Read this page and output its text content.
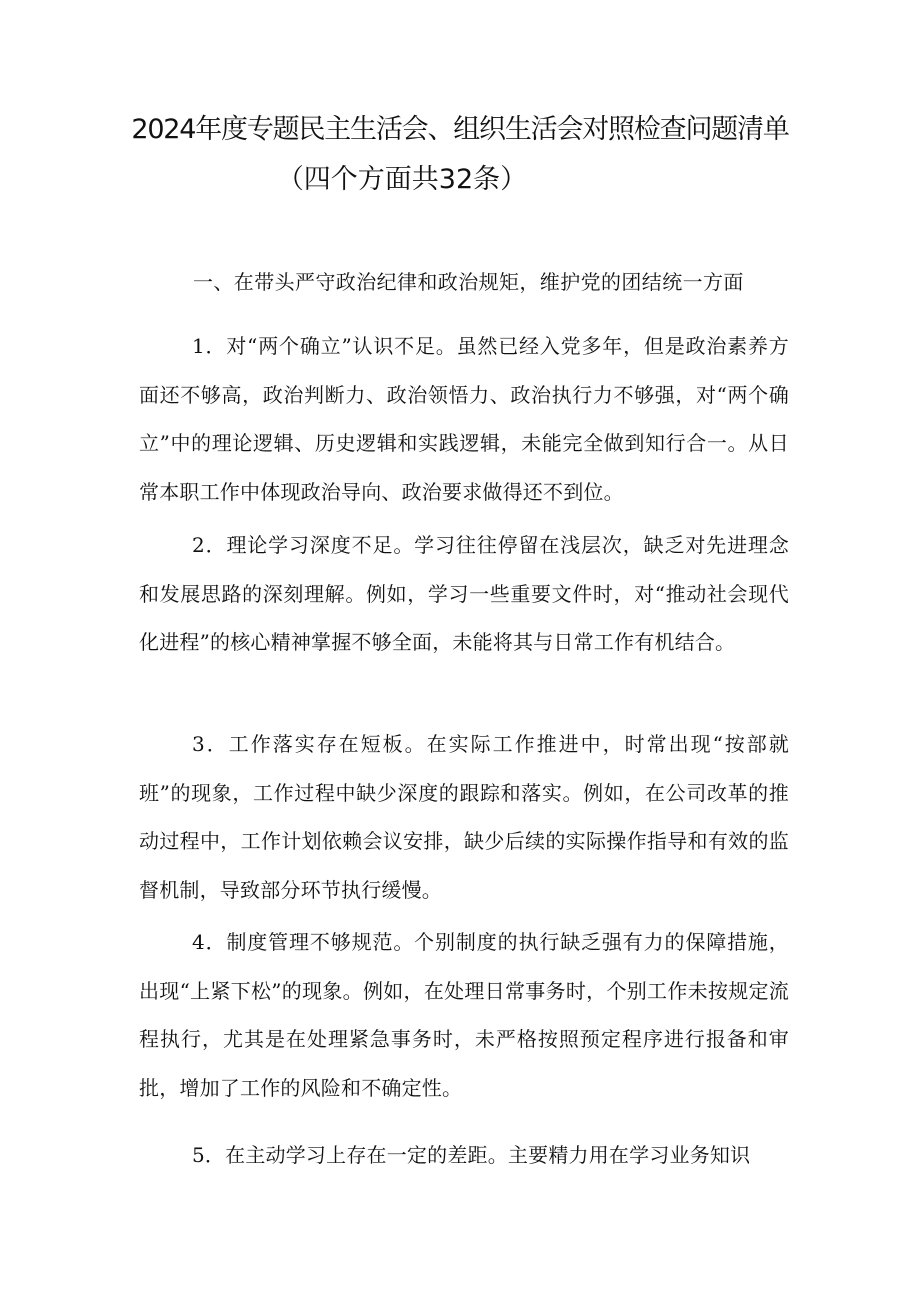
2024年度专题民主生活会、组织生活会对照检查问题清单
（四个方面共32条）
一、在带头严守政治纪律和政治规矩，维护党的团结统一方面
1．对“两个确立”认识不足。虽然已经入党多年，但是政治素养方面还不够高，政治判断力、政治领悟力、政治执行力不够强，对“两个确立”中的理论逻辑、历史逻辑和实践逻辑，未能完全做到知行合一。从日常本职工作中体现政治导向、政治要求做得还不到位。
2．理论学习深度不足。学习往往停留在浅层次，缺乏对先进理念和发展思路的深刻理解。例如，学习一些重要文件时，对“推动社会现代化进程”的核心精神掌握不够全面，未能将其与日常工作有机结合。
3．工作落实存在短板。在实际工作推进中，时常出现“按部就班”的现象，工作过程中缺少深度的跟踪和落实。例如，在公司改革的推动过程中，工作计划依赖会议安排，缺少后续的实际操作指导和有效的监督机制，导致部分环节执行缓慢。
4．制度管理不够规范。个别制度的执行缺乏强有力的保障措施，出现“上紧下松”的现象。例如，在处理日常事务时，个别工作未按规定流程执行，尤其是在处理紧急事务时，未严格按照预定程序进行报备和审批，增加了工作的风险和不确定性。
5．在主动学习上存在一定的差距。主要精力用在学习业务知识
